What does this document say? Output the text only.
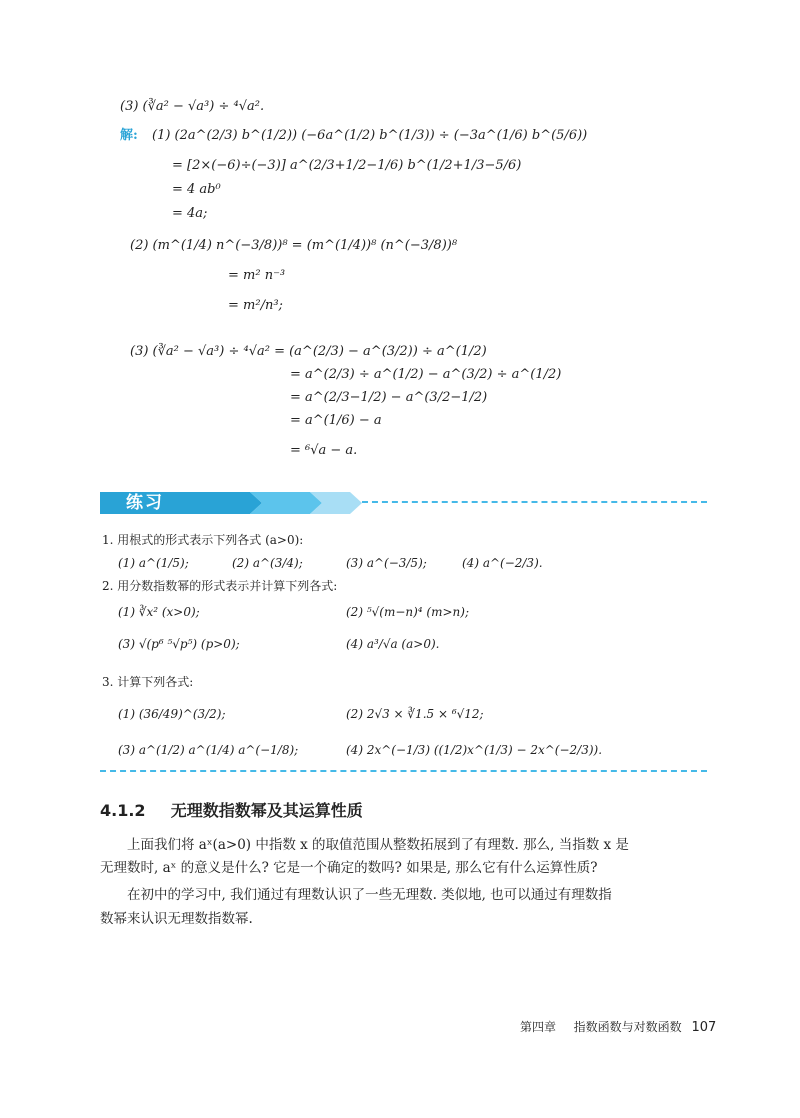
(3) (∛a² − √a³) ÷ ⁴√a².
解: (1) (2a^(2/3) b^(1/2)) (−6a^(1/2) b^(1/3)) ÷ (−3a^(1/6) b^(5/6))
= [2×(−6)÷(−3)] a^(2/3+1/2−1/6) b^(1/2+1/3−5/6)
= 4 ab⁰
= 4a;
(2) (m^(1/4) n^(−3/8))⁸ = (m^(1/4))⁸ (n^(−3/8))⁸
= m² n⁻³
= m²/n³;
(3) (∛a² − √a³) ÷ ⁴√a² = (a^(2/3) − a^(3/2)) ÷ a^(1/2)
= a^(2/3) ÷ a^(1/2) − a^(3/2) ÷ a^(1/2)
= a^(2/3−1/2) − a^(3/2−1/2)
= a^(1/6) − a
= ⁶√a − a.
练习
1. 用根式的形式表示下列各式 (a>0):
(1) a^(1/5);	(2) a^(3/4);	(3) a^(−3/5);	(4) a^(−2/3).
2. 用分数指数幂的形式表示并计算下列各式:
(1) ∛x² (x>0);	(2) ⁵√(m−n)⁴ (m>n);
(3) √(p⁶ ⁵√p⁵) (p>0);	(4) a³/√a (a>0).
3. 计算下列各式:
(1) (36/49)^(3/2);	(2) 2√3 × ∛1.5 × ⁶√12;
(3) a^(1/2) a^(1/4) a^(−1/8);	(4) 2x^(−1/3) ((1/2)x^(1/3) − 2x^(−2/3)).
4.1.2 无理数指数幂及其运算性质
上面我们将 aˣ(a>0) 中指数 x 的取值范围从整数拓展到了有理数. 那么, 当指数 x 是
无理数时, aˣ 的意义是什么? 它是一个确定的数吗? 如果是, 那么它有什么运算性质?
在初中的学习中, 我们通过有理数认识了一些无理数. 类似地, 也可以通过有理数指
数幂来认识无理数指数幂.
第四章 指数函数与对数函数 107
